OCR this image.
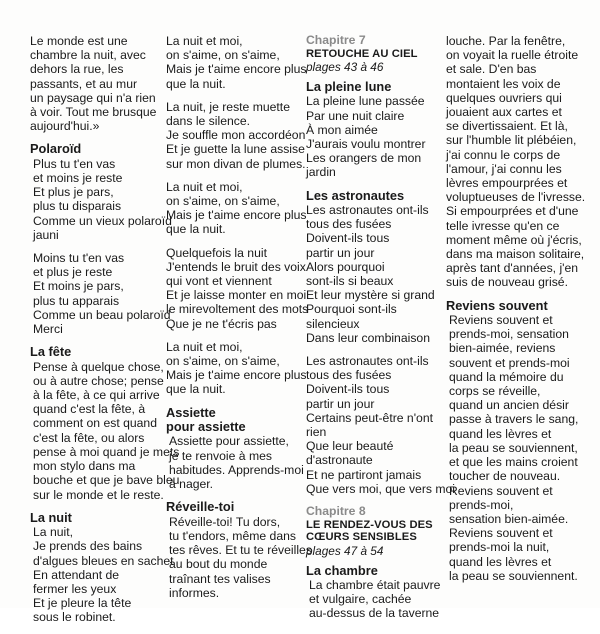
Le monde est une
chambre la nuit, avec
dehors la rue, les
passants, et au mur
un paysage qui n'a rien
à voir. Tout me brusque
aujourd'hui.»
Polaroïd
Plus tu t'en vas
et moins je reste
Et plus je pars,
plus tu disparais
Comme un vieux polaroïd
jauni
Moins tu t'en vas
et plus je reste
Et moins je pars,
plus tu apparais
Comme un beau polaroïd
Merci
La fête
Pense à quelque chose,
ou à autre chose; pense
à la fête, à ce qui arrive
quand c'est la fête, à
comment on est quand
c'est la fête, ou alors
pense à moi quand je mets
mon stylo dans ma
bouche et que je bave bleu
sur le monde et le reste.
La nuit
La nuit,
Je prends des bains
d'algues bleues en sachet
En attendant de
fermer les yeux
Et je pleure la tête
sous le robinet.
La nuit et moi,
on s'aime, on s'aime,
Mais je t'aime encore plus
que la nuit.
La nuit, je reste muette
dans le silence.
Je souffle mon accordéon
Et je guette la lune assise
sur mon divan de plumes.
La nuit et moi,
on s'aime, on s'aime,
Mais je t'aime encore plus
que la nuit.
Quelquefois la nuit
J'entends le bruit des voix
qui vont et viennent
Et je laisse monter en moi
le mirevoltement des mots
Que je ne t'écris pas
La nuit et moi,
on s'aime, on s'aime,
Mais je t'aime encore plus
que la nuit.
Assiette
pour assiette
Assiette pour assiette,
je te renvoie à mes
habitudes. Apprends-moi
à nager.
Réveille-toi
Réveille-toi! Tu dors,
tu t'endors, même dans
tes rêves. Et tu te réveilles
au bout du monde
traînant tes valises
informes.
Chapitre 7
RETOUCHE AU CIEL
plages 43 à 46
La pleine lune
La pleine lune passée
Par une nuit claire
À mon aimée
J'aurais voulu montrer
Les orangers de mon
jardin
Les astronautes
Les astronautes ont-ils
tous des fusées
Doivent-ils tous
partir un jour
Alors pourquoi
sont-ils si beaux
Et leur mystère si grand
Pourquoi sont-ils
silencieux
Dans leur combinaison
Les astronautes ont-ils
tous des fusées
Doivent-ils tous
partir un jour
Certains peut-être n'ont
rien
Que leur beauté
d'astronaute
Et ne partiront jamais
Que vers moi, que vers moi
Chapitre 8
LE RENDEZ-VOUS DES
CŒURS SENSIBLES
plages 47 à 54
La chambre
La chambre était pauvre
et vulgaire, cachée
au-dessus de la taverne
louche. Par la fenêtre,
on voyait la ruelle étroite
et sale. D'en bas
montaient les voix de
quelques ouvriers qui
jouaient aux cartes et
se divertissaient. Et là,
sur l'humble lit plébéien,
j'ai connu le corps de
l'amour, j'ai connu les
lèvres empourprées et
voluptueuses de l'ivresse.
Si empourprées et d'une
telle ivresse qu'en ce
moment même où j'écris,
dans ma maison solitaire,
après tant d'années, j'en
suis de nouveau grisé.
Reviens souvent
Reviens souvent et
prends-moi, sensation
bien-aimée, reviens
souvent et prends-moi
quand la mémoire du
corps se réveille,
quand un ancien désir
passe à travers le sang,
quand les lèvres et
la peau se souviennent,
et que les mains croient
toucher de nouveau.
Reviens souvent et
prends-moi,
sensation bien-aimée.
Reviens souvent et
prends-moi la nuit,
quand les lèvres et
la peau se souviennent.
